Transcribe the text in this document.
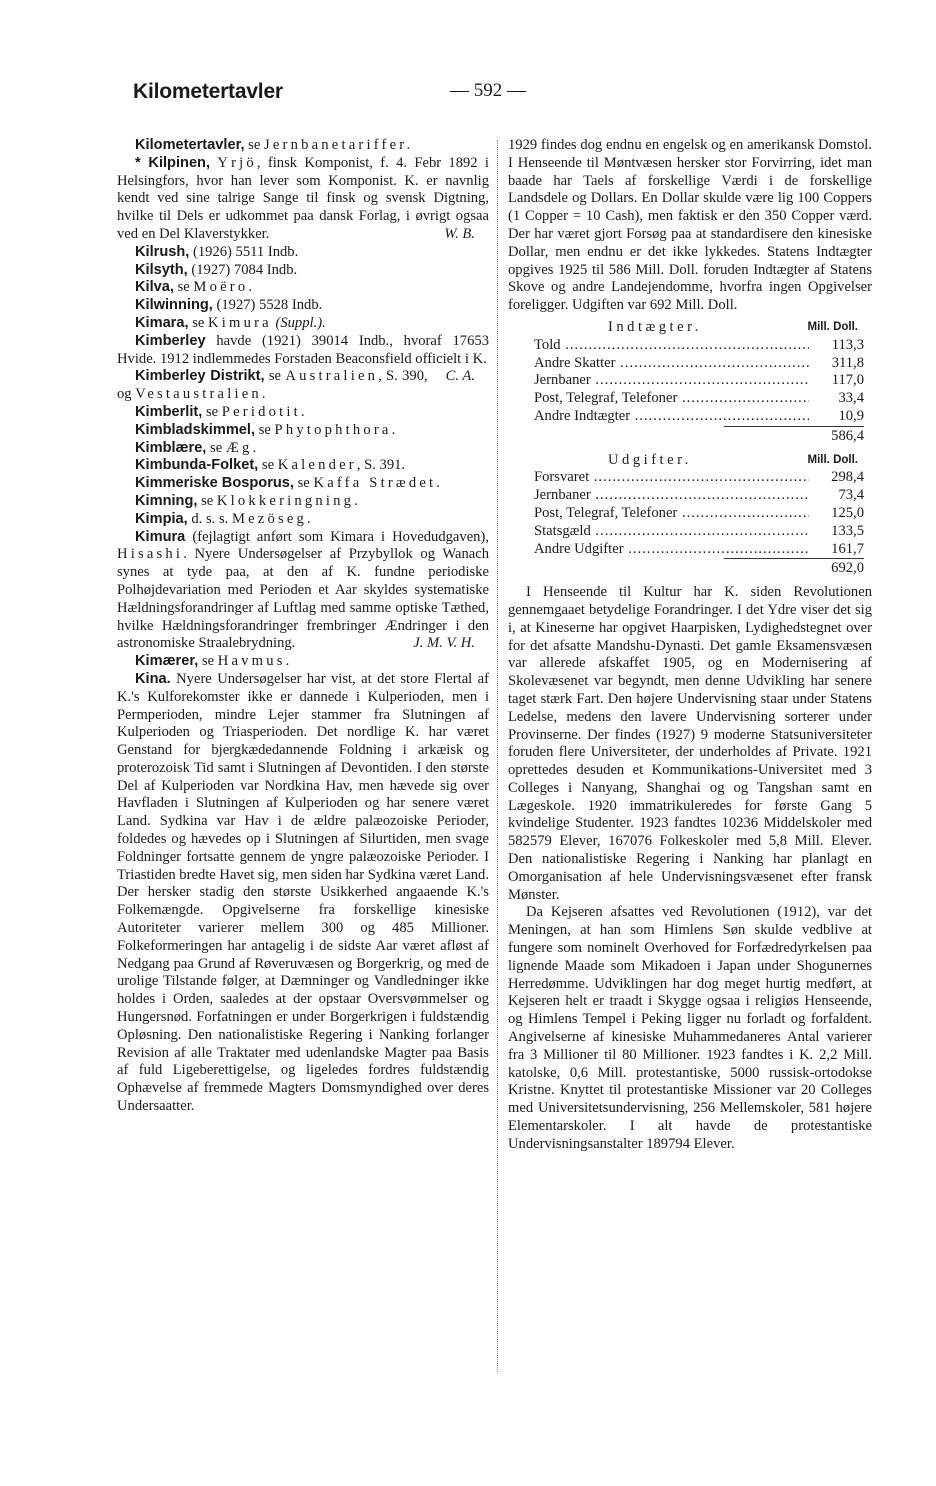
Kilometertavler	— 592 —

Kilometertavler, se Jernbanetariffer.

* Kilpinen, Yrjö, finsk Komponist, f. 4. Febr 1892 i Helsingfors, hvor han lever som Komponist. K. er navnlig kendt ved sine talrige Sange til finsk og svensk Digtning, hvilke til Dels er udkommet paa dansk Forlag, i øvrigt ogsaa ved en Del Klaverstykker.	W. B.

Kilrush, (1926) 5511 Indb.

Kilsyth, (1927) 7084 Indb.

Kilva, se Moëro.

Kilwinning, (1927) 5528 Indb.

Kimara, se Kimura (Suppl.).

Kimberley havde (1921) 39014 Indb., hvoraf 17653 Hvide. 1912 indlemmedes Forstaden Beaconsfield officielt i K.
C. A.

Kimberley Distrikt, se Australien, S. 390, og Vestaustralien.

Kimberlit, se Peridotit.

Kimbladskimmel, se Phytophthora.

Kimblære, se Æg.

Kimbunda-Folket, se Kalender, S. 391.

Kimmeriske Bosporus, se Kaffa Strædet.

Kimning, se Klokkeringning.

Kimpia, d. s. s. Mezöseg.

Kimura (fejlagtigt anført som Kimara i Hovedudgaven), Hisashi. Nyere Undersøgelser af Przybyllok og Wanach synes at tyde paa, at den af K. fundne periodiske Polhøjdevariation med Perioden et Aar skyldes systematiske Hældningsforandringer af Luftlag med samme optiske Tæthed, hvilke Hældningsforandringer frembringer Ændringer i den astronomiske Straalebrydning.	J. M. V. H.

Kimærer, se Havmus.

Kina. Nyere Undersøgelser har vist, at det store Flertal af K.'s Kulforekomster ikke er dannede i Kulperioden, men i Permperioden, mindre Lejer stammer fra Slutningen af Kulperioden og Triasperioden. Det nordlige K. har været Genstand for bjergkædedannende Foldning i arkæisk og proterozoisk Tid samt i Slutningen af Devontiden. I den største Del af Kulperioden var Nordkina Hav, men hævede sig over Havfladen i Slutningen af Kulperioden og har senere været Land. Sydkina var Hav i de ældre palæozoiske Perioder, foldedes og hævedes op i Slutningen af Silurtiden, men svage Foldninger fortsatte gennem de yngre palæozoiske Perioder. I Triastiden bredte Havet sig, men siden har Sydkina været Land. Der hersker stadig den største Usikkerhed angaaende K.'s Folkemængde. Opgivelserne fra forskellige kinesiske Autoriteter varierer mellem 300 og 485 Millioner. Folkeformeringen har antagelig i de sidste Aar været afløst af Nedgang paa Grund af Røveruvæsen og Borgerkrig, og med de urolige Tilstande følger, at Dæmninger og Vandledninger ikke holdes i Orden, saaledes at der opstaar Oversvømmelser og Hungersnød. Forfatningen er under Borgerkrigen i fuldstændig Opløsning. Den nationalistiske Regering i Nanking forlanger Revision af alle Traktater med udenlandske Magter paa Basis af fuld Ligeberettigelse, og ligeledes fordres fuldstændig Ophævelse af fremmede Magters Domsmyndighed over deres Undersaatter.

1929 findes dog endnu en engelsk og en amerikansk Domstol. I Henseende til Møntvæsen hersker stor Forvirring, idet man baade har Taels af forskellige Værdi i de forskellige Landsdele og Dollars. En Dollar skulde være lig 100 Coppers (1 Copper = 10 Cash), men faktisk er den 350 Copper værd. Der har været gjort Forsøg paa at standardisere den kinesiske Dollar, men endnu er det ikke lykkedes. Statens Indtægter opgives 1925 til 586 Mill. Doll. foruden Indtægter af Statens Skove og andre Landejendomme, hvorfra ingen Opgivelser foreligger. Udgiften var 692 Mill. Doll.

Indtægter.	Mill. Doll.
Told .....	113,3
Andre Skatter .....	311,8
Jernbaner .....	117,0
Post, Telegraf, Telefoner .....	33,4
Andre Indtægter .....	10,9
586,4
Udgifter.	Mill. Doll.
Forsvaret .....	298,4
Jernbaner .....	73,4
Post, Telegraf, Telefoner .....	125,0
Statsgæld .....	133,5
Andre Udgifter .....	161,7
692,0

I Henseende til Kultur har K. siden Revolutionen gennemgaaet betydelige Forandringer. I det Ydre viser det sig i, at Kineserne har opgivet Haarpisken, Lydighedstegnet over for det afsatte Mandshu-Dynasti. Det gamle Eksamensvæsen var allerede afskaffet 1905, og en Modernisering af Skolevæsenet var begyndt, men denne Udvikling har senere taget stærk Fart. Den højere Undervisning staar under Statens Ledelse, medens den lavere Undervisning sorterer under Provinserne. Der findes (1927) 9 moderne Statsuniversiteter foruden flere Universiteter, der underholdes af Private. 1921 oprettedes desuden et Kommunikations-Universitet med 3 Colleges i Nanyang, Shanghai og og Tangshan samt en Lægeskole. 1920 immatrikuleredes for første Gang 5 kvindelige Studenter. 1923 fandtes 10236 Middelskoler med 582579 Elever, 167076 Folkeskoler med 5,8 Mill. Elever. Den nationalistiske Regering i Nanking har planlagt en Omorganisation af hele Undervisningsvæsenet efter fransk Mønster.

Da Kejseren afsattes ved Revolutionen (1912), var det Meningen, at han som Himlens Søn skulde vedblive at fungere som nominelt Overhoved for Forfædredyrkelsen paa lignende Maade som Mikadoen i Japan under Shogunernes Herredømme. Udviklingen har dog meget hurtig medført, at Kejseren helt er traadt i Skygge ogsaa i religiøs Henseende, og Himlens Tempel i Peking ligger nu forladt og forfaldent. Angivelserne af kinesiske Muhammedaneres Antal varierer fra 3 Millioner til 80 Millioner. 1923 fandtes i K. 2,2 Mill. katolske, 0,6 Mill. protestantiske, 5000 russisk-ortodokse Kristne. Knyttet til protestantiske Missioner var 20 Colleges med Universitetsundervisning, 256 Mellemskoler, 581 højere Elementarskoler. I alt havde de protestantiske Undervisningsanstalter 189794 Elever.
